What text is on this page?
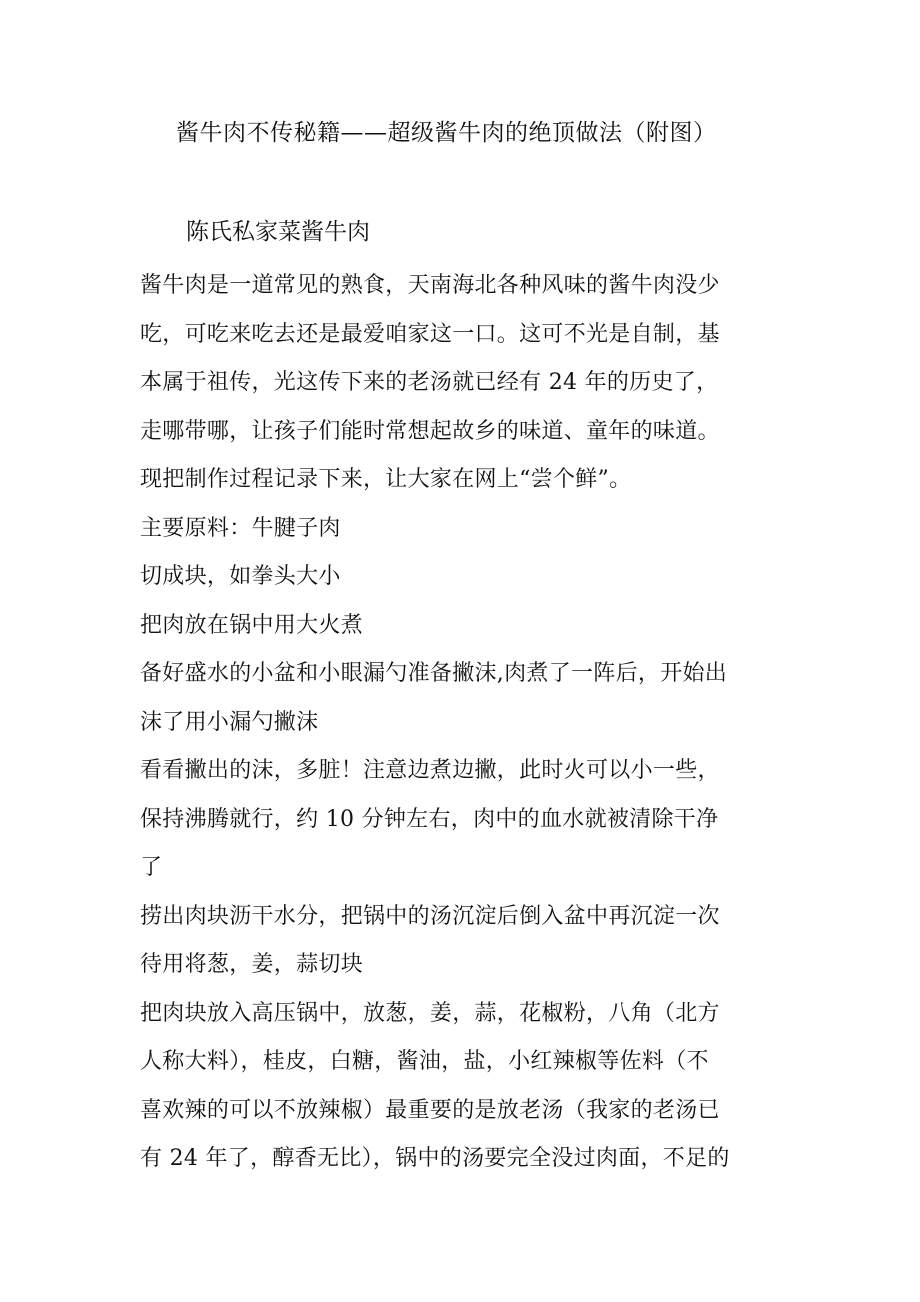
酱牛肉不传秘籍——超级酱牛肉的绝顶做法（附图）
陈氏私家菜酱牛肉
酱牛肉是一道常见的熟食，天南海北各种风味的酱牛肉没少
吃，可吃来吃去还是最爱咱家这一口。这可不光是自制，基
本属于祖传，光这传下来的老汤就已经有 24 年的历史了，
走哪带哪，让孩子们能时常想起故乡的味道、童年的味道。
现把制作过程记录下来，让大家在网上“尝个鲜”。
主要原料：牛腱子肉
切成块，如拳头大小
把肉放在锅中用大火煮
备好盛水的小盆和小眼漏勺准备撇沫,肉煮了一阵后，开始出
沫了用小漏勺撇沫
看看撇出的沫，多脏！注意边煮边撇，此时火可以小一些，
保持沸腾就行，约 10 分钟左右，肉中的血水就被清除干净
了
捞出肉块沥干水分，把锅中的汤沉淀后倒入盆中再沉淀一次
待用将葱，姜，蒜切块
把肉块放入高压锅中，放葱，姜，蒜，花椒粉，八角（北方
人称大料），桂皮，白糖，酱油，盐，小红辣椒等佐料（不
喜欢辣的可以不放辣椒）最重要的是放老汤（我家的老汤已
有 24 年了，醇香无比），锅中的汤要完全没过肉面，不足的
